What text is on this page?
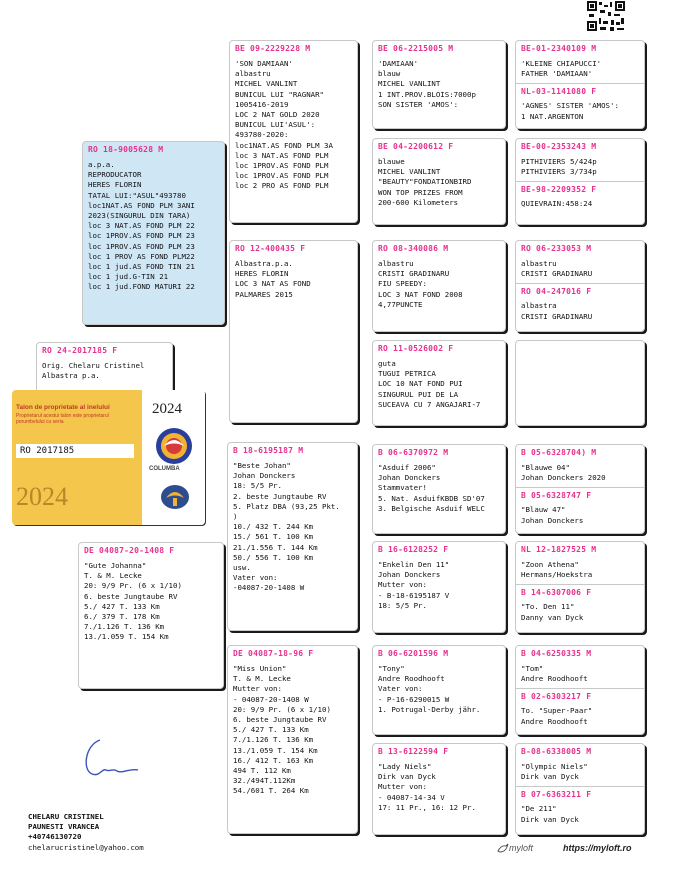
RO 18-9005628 M
a.p.a.
REPRODUCATOR
HERES FLORIN
TATAL LUI:"ASUL"493780
loc1NAT.AS FOND PLM 3ANI
2023(SINGURUL DIN TARA)
loc 3 NAT.AS FOND PLM 22
loc 1PROV.AS FOND PLM 23
loc 1PROV.AS FOND PLM 23
loc 1 PROV AS FOND PLM22
loc 1 jud.AS FOND TIN 21
loc 1 jud.G-TIN 21
loc 1 jud.FOND MATURI 22
RO 24-2017185 F
Orig. Chelaru Cristinel
Albastra p.a.
Talon de proprietate al inelului
Proprietarul acestui talon este proprietarul porumbelului cu seria
RO 2017185
2024
2024
COLUMBA
DE 04087-20-1408 F
"Gute Johanna"
T. & M. Lecke
20: 9/9 Pr. (6 x 1/10)
6. beste Jungtaube RV
5./ 427 T. 133 Km
6./ 379 T. 178 Km
7./1.126 T. 136 Km
13./1.059 T. 154 Km
BE 09-2229228 M
'SON DAMIAAN'
albastru
MICHEL VANLINT
BUNICUL LUI "RAGNAR"
1005416-2019
LOC 2 NAT GOLD 2020
BUNICUL LUI'ASUL':
493780-2020:
loc1NAT.AS FOND PLM 3A
loc 3 NAT.AS FOND PLM
loc 1PROV.AS FOND PLM
loc 1PROV.AS FOND PLM
loc 2 PRO AS FOND PLM
RO 12-400435 F
Albastra.p.a.
HERES FLORIN
LOC 3 NAT AS FOND
PALMARES 2015
B 18-6195187 M
"Beste Johan"
Johan Donckers
18: 5/5 Pr.
2. beste Jungtaube RV
5. Platz DBA (93,25 Pkt.
)
10./ 432 T. 244 Km
15./ 561 T. 100 Km
21./1.556 T. 144 Km
50./ 556 T. 100 Km
usw.
Vater von:
-04087-20-1408 W
DE 04087-18-96 F
"Miss Union"
T. & M. Lecke
Mutter von:
- 04087-20-1408 W
20: 9/9 Pr. (6 x 1/10)
6. beste Jungtaube RV
5./ 427 T. 133 Km
7./1.126 T. 136 Km
13./1.059 T. 154 Km
16./ 412 T. 163 Km
494 T. 112 Km
32./494T.112Km
54./601 T. 264 Km
BE 06-2215005 M
'DAMIAAN'
blauw
MICHEL VANLINT
1 INT.PROV.BLOIS:7000p
SON SISTER 'AMOS':
BE 04-2200612 F
blauwe
MICHEL VANLINT
"BEAUTY"FONDATIONBIRD
WON TOP PRIZES FROM
200-600 Kilometers
RO 08-340086 M
albastru
CRISTI GRADINARU
FIU SPEEDY:
LOC 3 NAT FOND 2008
4,77PUNCTE
RO 11-0526002 F
guta
TUGUI PETRICA
LOC 10 NAT FOND PUI
SINGURUL PUI DE LA
SUCEAVA CU 7 ANGAJARI-7
B 06-6370972 M
"Asduif 2006"
Johan Donckers
Stammvater!
5. Nat. AsduifKBDB SD'07
3. Belgische Asduif WELC
B 16-6128252 F
"Enkelin Den 11"
Johan Donckers
Mutter von:
- B-18-6195187 V
18: 5/5 Pr.
B 06-6201596 M
"Tony"
Andre Roodhooft
Vater von:
- P-16-6290015 W
1. Potrugal-Derby jähr.
B 13-6122594 F
"Lady Niels"
Dirk van Dyck
Mutter von:
- 04087-14-34 V
17: 11 Pr., 16: 12 Pr.
BE-01-2340109 M
'KLEINE CHIAPUCCI'
FATHER 'DAMIAAN'
NL-03-1141080 F
'AGNES' SISTER 'AMOS':
1 NAT.ARGENTON
BE-00-2353243 M
PITHIVIERS 5/424p
PITHIVIERS 3/734p
BE-98-2209352 F
QUIEVRAIN:458:24
RO 06-233053 M
albastru
CRISTI GRADINARU
RO 04-247016 F
albastra
CRISTI GRADINARU
B 05-6328704) M
"Blauwe 04"
Johan Donckers 2020
B 05-6328747 F
"Blauw 47"
Johan Donckers
NL 12-1827525 M
"Zoon Athena"
Hermans/Hoekstra
B 14-6307006 F
"To. Den 11"
Danny van Dyck
B 04-6250335 M
"Tom"
Andre Roodhooft
B 02-6303217 F
To. "Super-Paar"
Andre Roodhooft
B-08-6338005 M
"Olympic Niels"
Dirk van Dyck
B 07-6363211 F
"De 211"
Dirk van Dyck
CHELARU CRISTINEL
PAUNESTI VRANCEA
+40746130720
chelarucristinel@yahoo.com	myloft	https://myloft.ro
